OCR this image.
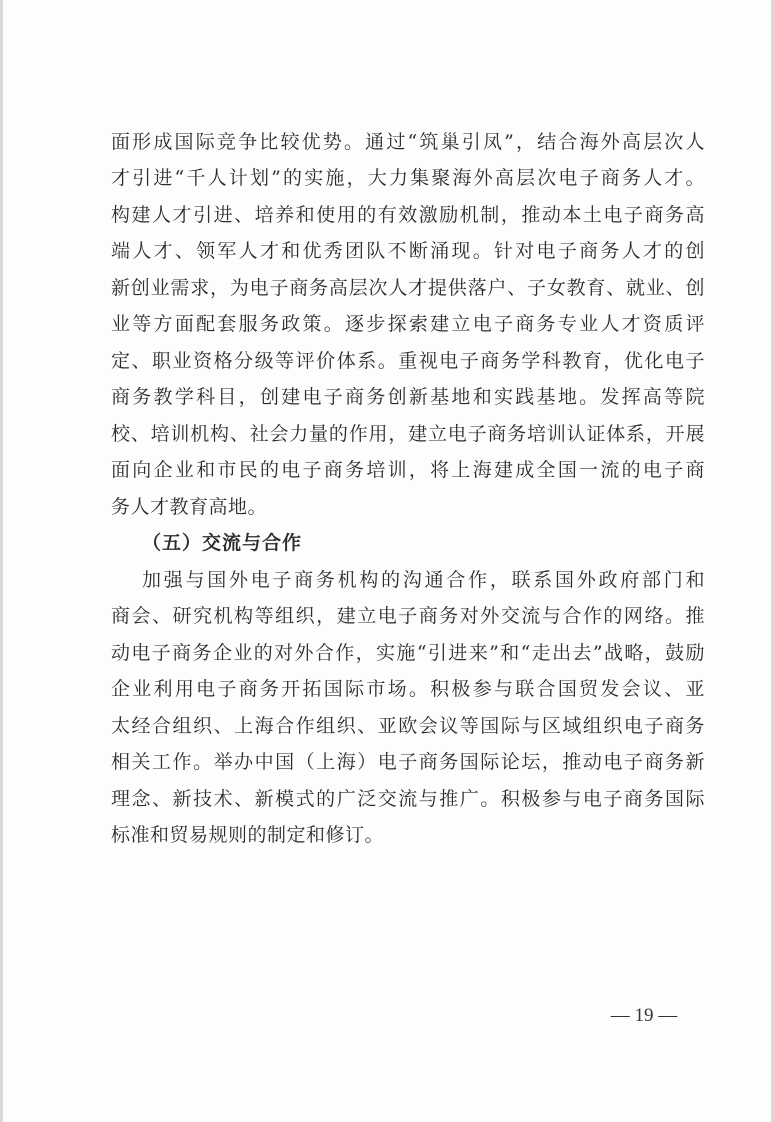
面形成国际竞争比较优势。通过“筑巢引凤”，结合海外高层次人
才引进“千人计划”的实施，大力集聚海外高层次电子商务人才。
构建人才引进、培养和使用的有效激励机制，推动本土电子商务高
端人才、领军人才和优秀团队不断涌现。针对电子商务人才的创
新创业需求，为电子商务高层次人才提供落户、子女教育、就业、创
业等方面配套服务政策。逐步探索建立电子商务专业人才资质评
定、职业资格分级等评价体系。重视电子商务学科教育，优化电子
商务教学科目，创建电子商务创新基地和实践基地。发挥高等院
校、培训机构、社会力量的作用，建立电子商务培训认证体系，开展
面向企业和市民的电子商务培训，将上海建成全国一流的电子商
务人才教育高地。
（五）交流与合作
加强与国外电子商务机构的沟通合作，联系国外政府部门和
商会、研究机构等组织，建立电子商务对外交流与合作的网络。推
动电子商务企业的对外合作，实施“引进来”和“走出去”战略，鼓励
企业利用电子商务开拓国际市场。积极参与联合国贸发会议、亚
太经合组织、上海合作组织、亚欧会议等国际与区域组织电子商务
相关工作。举办中国（上海）电子商务国际论坛，推动电子商务新
理念、新技术、新模式的广泛交流与推广。积极参与电子商务国际
标准和贸易规则的制定和修订。
— 19 —
